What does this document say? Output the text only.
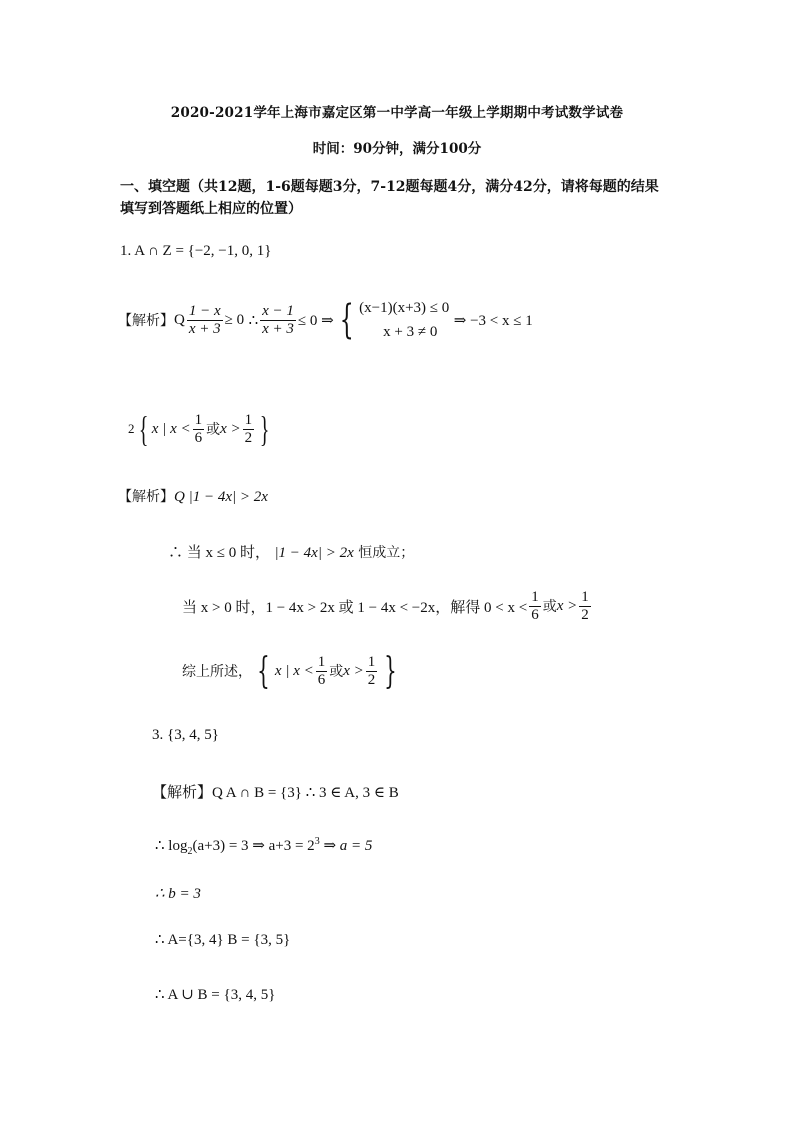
2020-2021学年上海市嘉定区第一中学高一年级上学期期中考试数学试卷
时间：90分钟，满分100分
一、填空题（共12题，1-6题每题3分，7-12题每题4分，满分42分，请将每题的结果
填写到答题纸上相应的位置）
1. A ∩ Z = {−2, −1, 0, 1}
【解析】 Q $\frac{1 - x}{x + 3} \ge 0$
∴ $\frac{x - 1}{x + 3} \le 0$ ⇒ { (x−1)(x+3) ≤ 0
x + 3 ≠ 0

⇒ −3 < x ≤ 1
2 { x | $x < \frac{1}{6}$ 或 $x > \frac{1}{2}$ }
【解析】Q |1 − 4x| > 2x
∴ 当 x ≤ 0 时， |1 − 4x| > 2x 恒成立；
当 x > 0 时，1 − 4x > 2x 或 1 − 4x < −2x，解得 $0 < x < \frac{1}{6}$ 或 $x > \frac{1}{2}$
综上所述， { x | $x < \frac{1}{6}$ 或 $x > \frac{1}{2}$ }
3. {3, 4, 5}
【解析】Q A ∩ B = {3} ∴ 3 ∈ A, 3 ∈ B
∴ $\log_2(a+3) = 3$ ⇒ $a+3 = 2^3$ ⇒ a = 5
∴ b = 3
∴ A={3, 4} B = {3, 5}
∴ A ∪ B = {3, 4, 5}
